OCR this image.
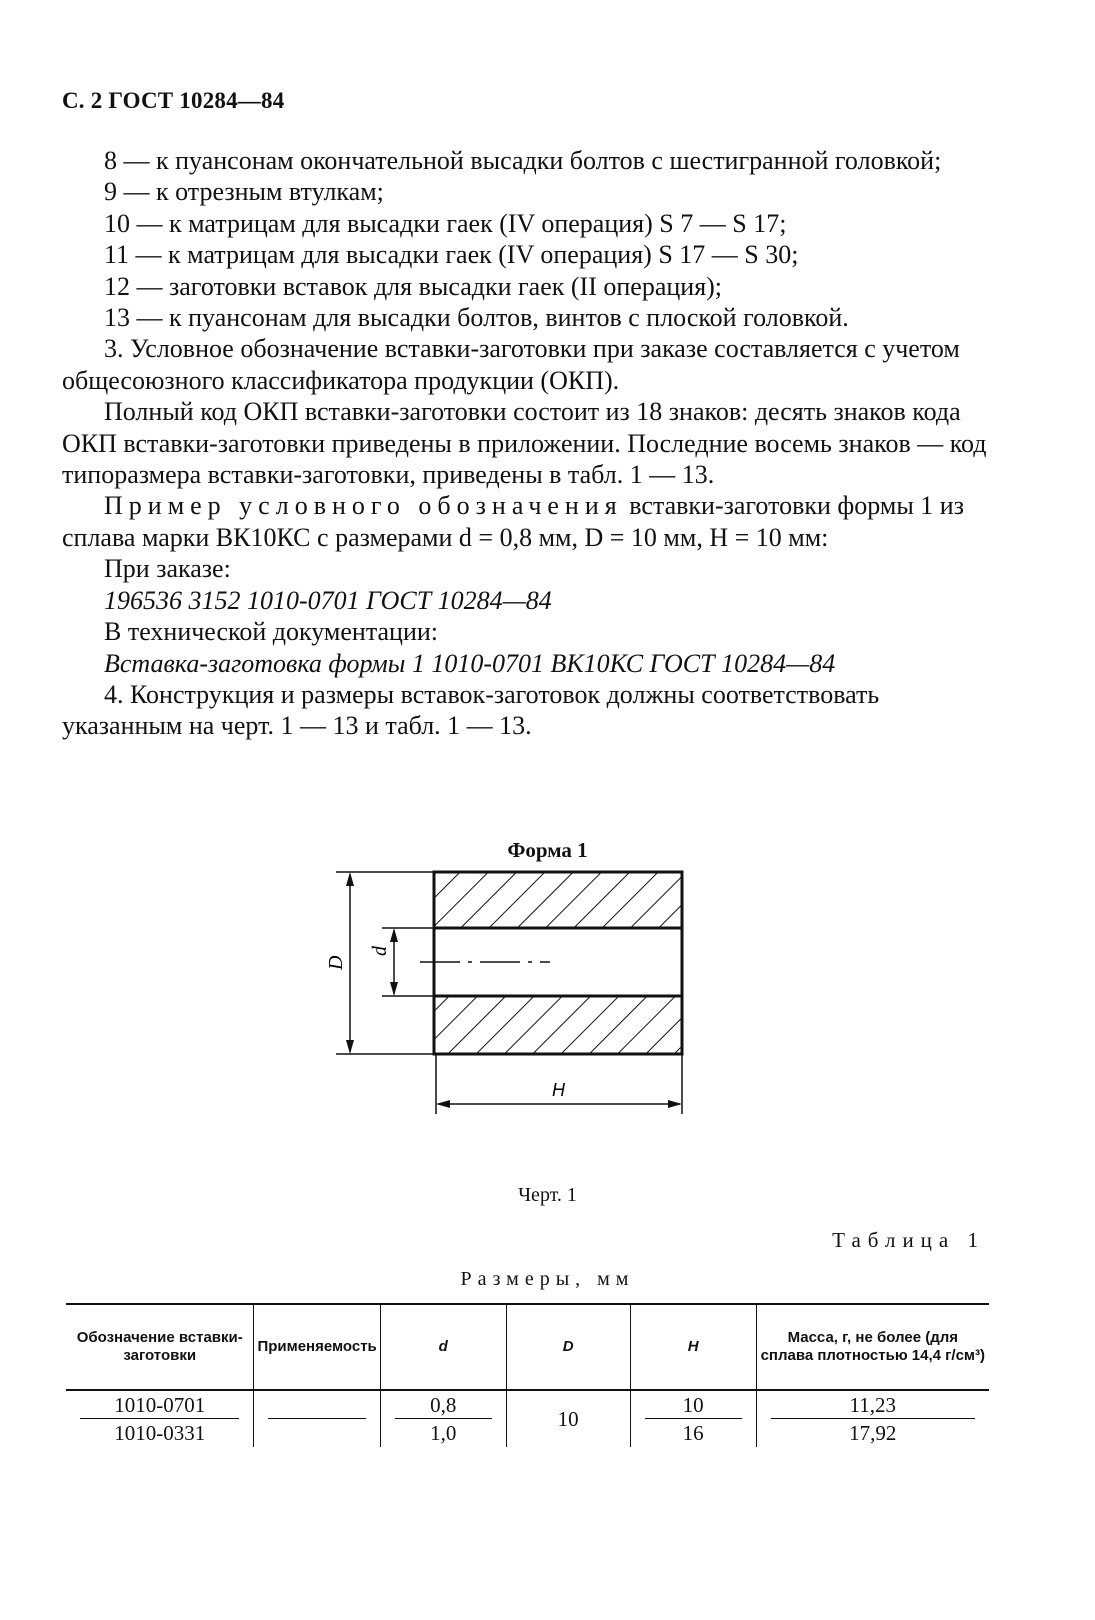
С. 2 ГОСТ 10284—84

8 — к пуансонам окончательной высадки болтов с шестигранной головкой;

9 — к отрезным втулкам;

10 — к матрицам для высадки гаек (IV операция) S 7 — S 17;

11 — к матрицам для высадки гаек (IV операция) S 17 — S 30;

12 — заготовки вставок для высадки гаек (II операция);

13 — к пуансонам для высадки болтов, винтов с плоской головкой.

3. Условное обозначение вставки-заготовки при заказе составляется с учетом общесоюзного классификатора продукции (ОКП).

Полный код ОКП вставки-заготовки состоит из 18 знаков: десять знаков кода ОКП вставки-заготовки приведены в приложении. Последние восемь знаков — код типоразмера вставки-заготовки, приведены в табл. 1 — 13.

Пример условного обозначения вставки-заготовки формы 1 из сплава марки ВК10КС с размерами d = 0,8 мм, D = 10 мм, H = 10 мм:

При заказе:

196536 3152 1010-0701 ГОСТ 10284—84

В технической документации:

Вставка-заготовка формы 1 1010-0701 ВК10КС ГОСТ 10284—84

4. Конструкция и размеры вставок-заготовок должны соответствовать указанным на черт. 1 — 13 и табл. 1 — 13.

Форма 1
D
d
H
Черт. 1
Таблица 1
Размеры, мм
Обозначение вставки-заготовки	Применяемость	d	D	H	Масса, г, не более (для сплава плотностью 14,4 г/см³)

1010-0701		0,8	10	10	11,23

1010-0331		1,0		16	17,92
